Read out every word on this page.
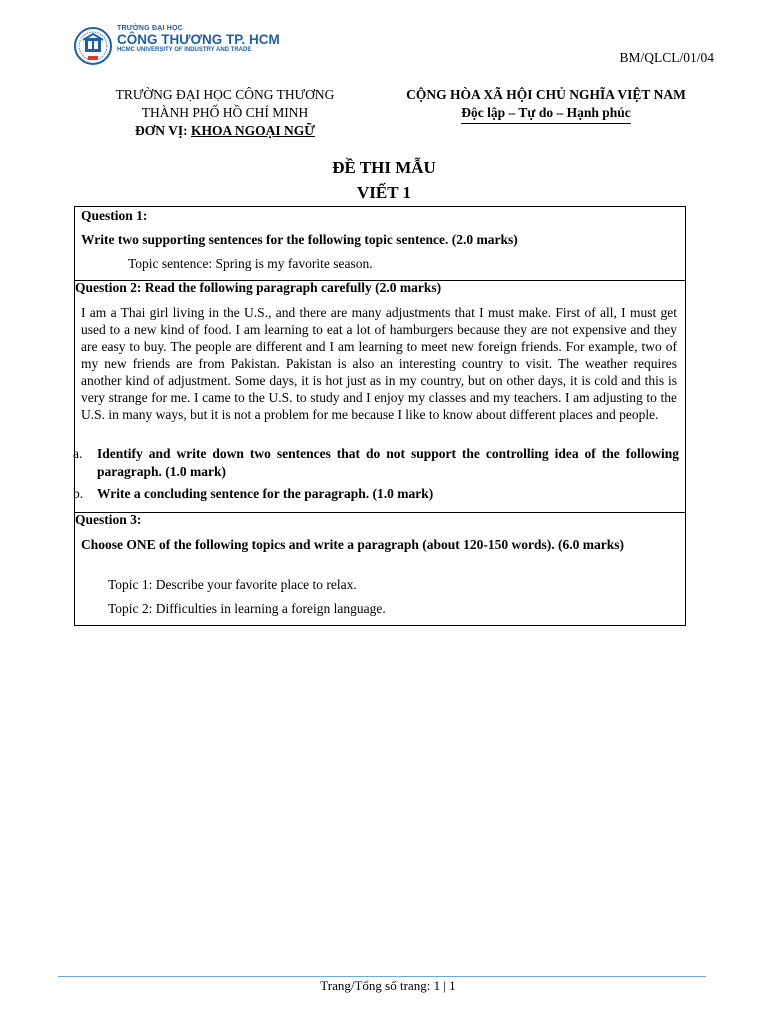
TRƯỜNG ĐẠI HỌC
CÔNG THƯƠNG TP. HCM
HCMC UNIVERSITY OF INDUSTRY AND TRADE	BM/QLCL/01/04
TRƯỜNG ĐẠI HỌC CÔNG THƯƠNG
THÀNH PHỐ HỒ CHÍ MINH
ĐƠN VỊ: KHOA NGOẠI NGỮ
CỘNG HÒA XÃ HỘI CHỦ NGHĨA VIỆT NAM
Độc lập – Tự do – Hạnh phúc
ĐỀ THI MẪU
VIẾT 1
Question 1:
Write two supporting sentences for the following topic sentence. (2.0 marks)
Topic sentence: Spring is my favorite season.
Question 2: Read the following paragraph carefully (2.0 marks)
I am a Thai girl living in the U.S., and there are many adjustments that I must make. First of all, I must get used to a new kind of food. I am learning to eat a lot of hamburgers because they are not expensive and they are easy to buy. The people are different and I am learning to meet new foreign friends. For example, two of my new friends are from Pakistan. Pakistan is also an interesting country to visit. The weather requires another kind of adjustment. Some days, it is hot just as in my country, but on other days, it is cold and this is very strange for me. I came to the U.S. to study and I enjoy my classes and my teachers. I am adjusting to the U.S. in many ways, but it is not a problem for me because I like to know about different places and people.
a. Identify and write down two sentences that do not support the controlling idea of the following paragraph. (1.0 mark)
b. Write a concluding sentence for the paragraph. (1.0 mark)
Question 3:
Choose ONE of the following topics and write a paragraph (about 120-150 words). (6.0 marks)
Topic 1: Describe your favorite place to relax.
Topic 2: Difficulties in learning a foreign language.
Trang/Tổng số trang: 1 | 1
